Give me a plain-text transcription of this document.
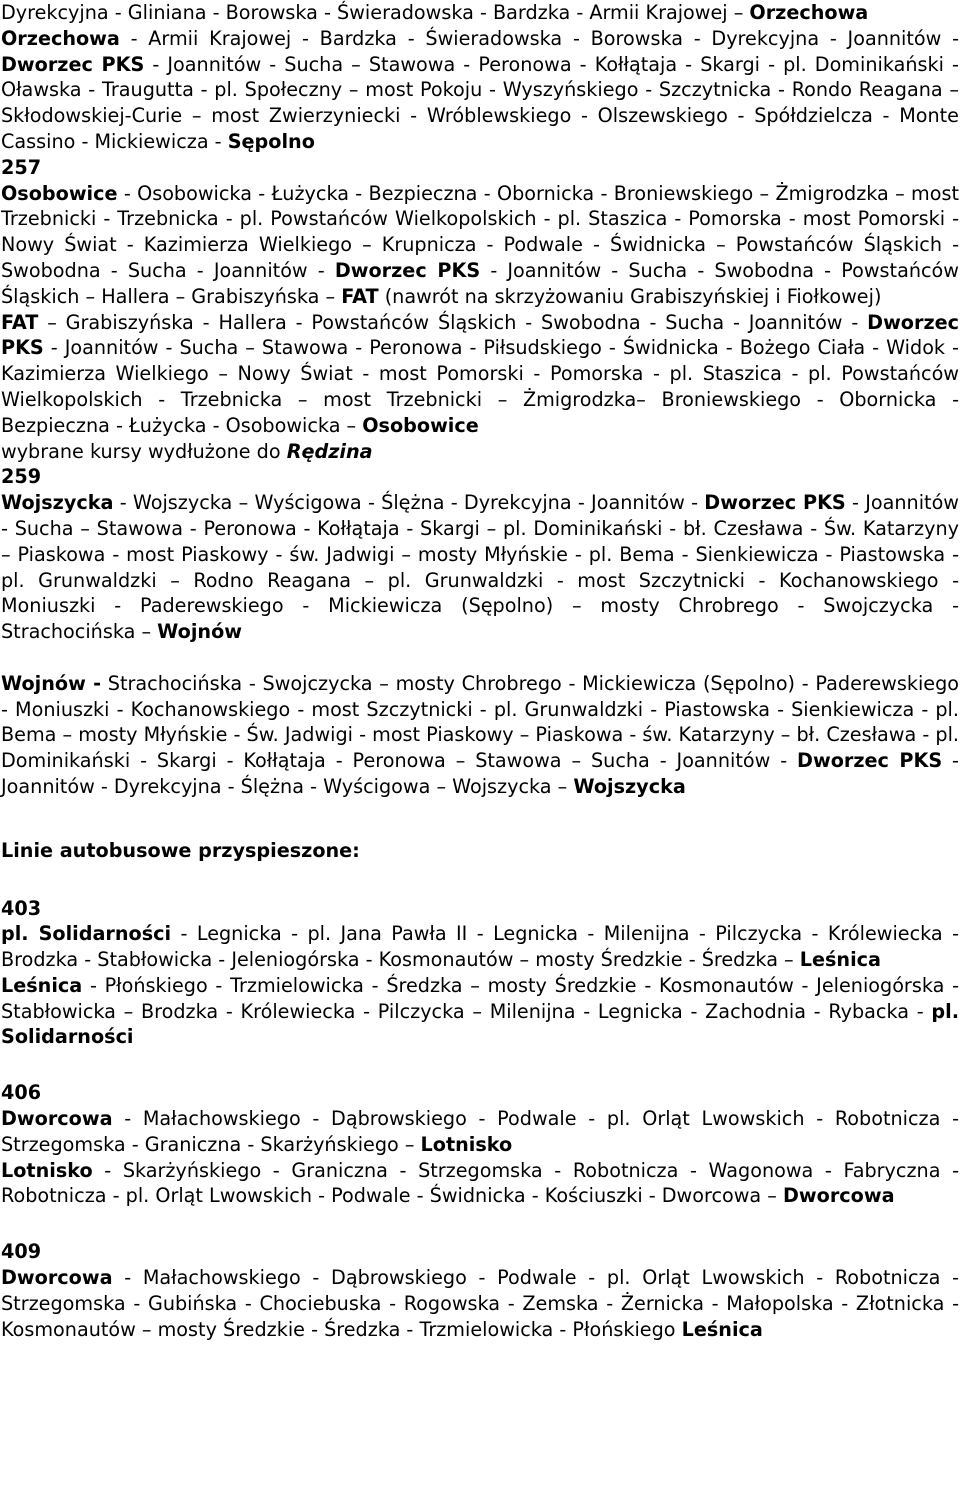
Dyrekcyjna - Gliniana - Borowska - Świeradowska - Bardzka - Armii Krajowej – Orzechowa

Orzechowa - Armii Krajowej - Bardzka - Świeradowska - Borowska - Dyrekcyjna - Joannitów - Dworzec PKS - Joannitów - Sucha – Stawowa - Peronowa - Kołłątaja - Skargi - pl. Dominikański - Oławska - Traugutta - pl. Społeczny – most Pokoju - Wyszyńskiego - Szczytnicka - Rondo Reagana – Skłodowskiej-Curie – most Zwierzyniecki - Wróblewskiego - Olszewskiego - Spółdzielcza - Monte Cassino - Mickiewicza - Sępolno

257

Osobowice - Osobowicka - Łużycka - Bezpieczna - Obornicka - Broniewskiego – Żmigrodzka – most Trzebnicki - Trzebnicka - pl. Powstańców Wielkopolskich - pl. Staszica - Pomorska - most Pomorski - Nowy Świat - Kazimierza Wielkiego – Krupnicza - Podwale - Świdnicka – Powstańców Śląskich - Swobodna - Sucha - Joannitów - Dworzec PKS - Joannitów - Sucha - Swobodna - Powstańców Śląskich – Hallera – Grabiszyńska – FAT (nawrót na skrzyżowaniu Grabiszyńskiej i Fiołkowej)

FAT – Grabiszyńska - Hallera - Powstańców Śląskich - Swobodna - Sucha - Joannitów - Dworzec PKS - Joannitów - Sucha – Stawowa - Peronowa - Piłsudskiego - Świdnicka - Bożego Ciała - Widok - Kazimierza Wielkiego – Nowy Świat - most Pomorski - Pomorska - pl. Staszica - pl. Powstańców Wielkopolskich - Trzebnicka – most Trzebnicki – Żmigrodzka– Broniewskiego - Obornicka - Bezpieczna - Łużycka - Osobowicka – Osobowice

wybrane kursy wydłużone do Rędzina

259

Wojszycka - Wojszycka – Wyścigowa - Ślężna - Dyrekcyjna - Joannitów - Dworzec PKS - Joannitów - Sucha – Stawowa - Peronowa - Kołłątaja - Skargi – pl. Dominikański - bł. Czesława - Św. Katarzyny – Piaskowa - most Piaskowy - św. Jadwigi – mosty Młyńskie - pl. Bema - Sienkiewicza - Piastowska - pl. Grunwaldzki – Rodno Reagana – pl. Grunwaldzki - most Szczytnicki - Kochanowskiego - Moniuszki - Paderewskiego - Mickiewicza (Sępolno) – mosty Chrobrego - Swojczycka - Strachocińska – Wojnów

Wojnów - Strachocińska - Swojczycka – mosty Chrobrego - Mickiewicza (Sępolno) - Paderewskiego - Moniuszki - Kochanowskiego - most Szczytnicki - pl. Grunwaldzki - Piastowska - Sienkiewicza - pl. Bema – mosty Młyńskie - Św. Jadwigi - most Piaskowy – Piaskowa - św. Katarzyny – bł. Czesława - pl. Dominikański - Skargi - Kołłątaja - Peronowa – Stawowa – Sucha - Joannitów - Dworzec PKS - Joannitów - Dyrekcyjna - Ślężna - Wyścigowa – Wojszycka – Wojszycka

Linie autobusowe przyspieszone:

403

pl. Solidarności - Legnicka - pl. Jana Pawła II - Legnicka - Milenijna - Pilczycka - Królewiecka - Brodzka - Stabłowicka - Jeleniogórska - Kosmonautów – mosty Średzkie - Średzka – Leśnica

Leśnica - Płońskiego - Trzmielowicka - Średzka – mosty Średzkie - Kosmonautów - Jeleniogórska - Stabłowicka – Brodzka - Królewiecka - Pilczycka – Milenijna - Legnicka - Zachodnia - Rybacka - pl. Solidarności

406

Dworcowa - Małachowskiego - Dąbrowskiego - Podwale - pl. Orląt Lwowskich - Robotnicza - Strzegomska - Graniczna - Skarżyńskiego – Lotnisko

Lotnisko - Skarżyńskiego - Graniczna - Strzegomska - Robotnicza - Wagonowa - Fabryczna - Robotnicza - pl. Orląt Lwowskich - Podwale - Świdnicka - Kościuszki - Dworcowa – Dworcowa

409

Dworcowa - Małachowskiego - Dąbrowskiego - Podwale - pl. Orląt Lwowskich - Robotnicza - Strzegomska - Gubińska - Chociebuska - Rogowska - Zemska - Żernicka - Małopolska - Złotnicka - Kosmonautów – mosty Średzkie - Średzka - Trzmielowicka - Płońskiego Leśnica
